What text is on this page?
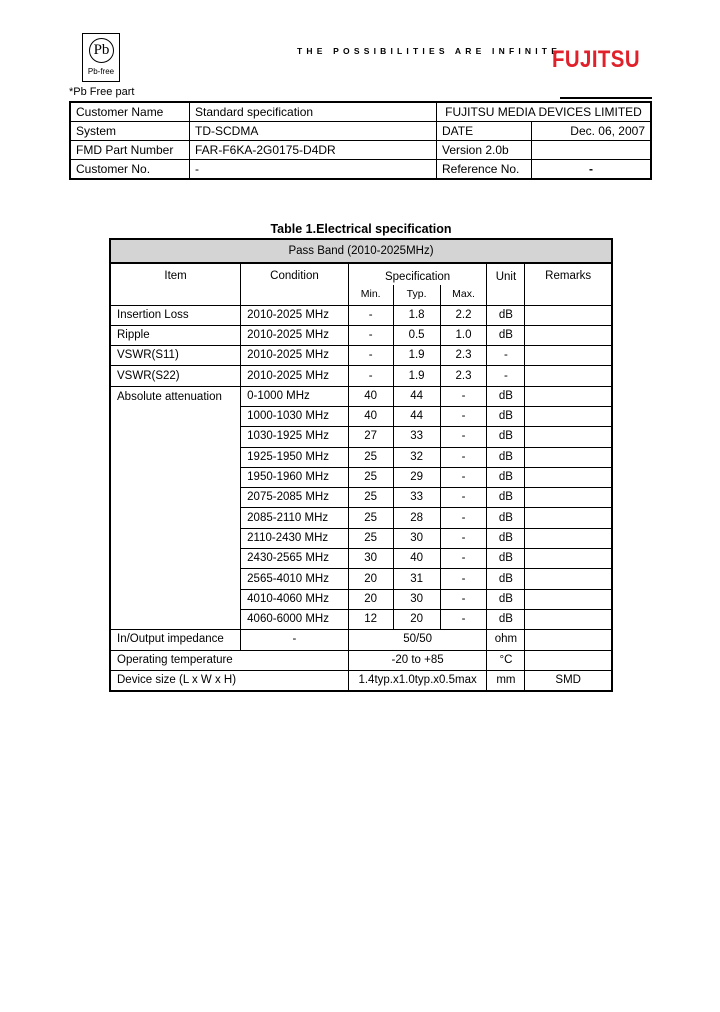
Pb
Pb-free
*Pb Free part
THE POSSIBILITIES ARE INFINITE
FUJITSU
Customer Name	Standard specification	FUJITSU MEDIA DEVICES LIMITED	
System	TD-SCDMA	DATE	Dec. 06, 2007
FMD Part Number	FAR-F6KA-2G0175-D4DR	Version 2.0b	
Customer No.	-	Reference No.	-
Table 1.Electrical specification
Pass Band (2010-2025MHz)						
Item	Condition	Specification			Unit	Remarks
		Min.	Typ.	Max.		
Insertion Loss	2010-2025 MHz	-	1.8	2.2	dB	
Ripple	2010-2025 MHz	-	0.5	1.0	dB	
VSWR(S11)	2010-2025 MHz	-	1.9	2.3	-	
VSWR(S22)	2010-2025 MHz	-	1.9	2.3	-	
Absolute attenuation	0-1000 MHz	40	44	-	dB	
	1000-1030 MHz	40	44	-	dB	
	1030-1925 MHz	27	33	-	dB	
	1925-1950 MHz	25	32	-	dB	
	1950-1960 MHz	25	29	-	dB	
	2075-2085 MHz	25	33	-	dB	
	2085-2110 MHz	25	28	-	dB	
	2110-2430 MHz	25	30	-	dB	
	2430-2565 MHz	30	40	-	dB	
	2565-4010 MHz	20	31	-	dB	
	4010-4060 MHz	20	30	-	dB	
	4060-6000 MHz	12	20	-	dB	
In/Output impedance	-	50/50			ohm	
Operating temperature		-20 to +85			°C	
Device size (L x W x H)		1.4typ.x1.0typ.x0.5max			mm	SMD
